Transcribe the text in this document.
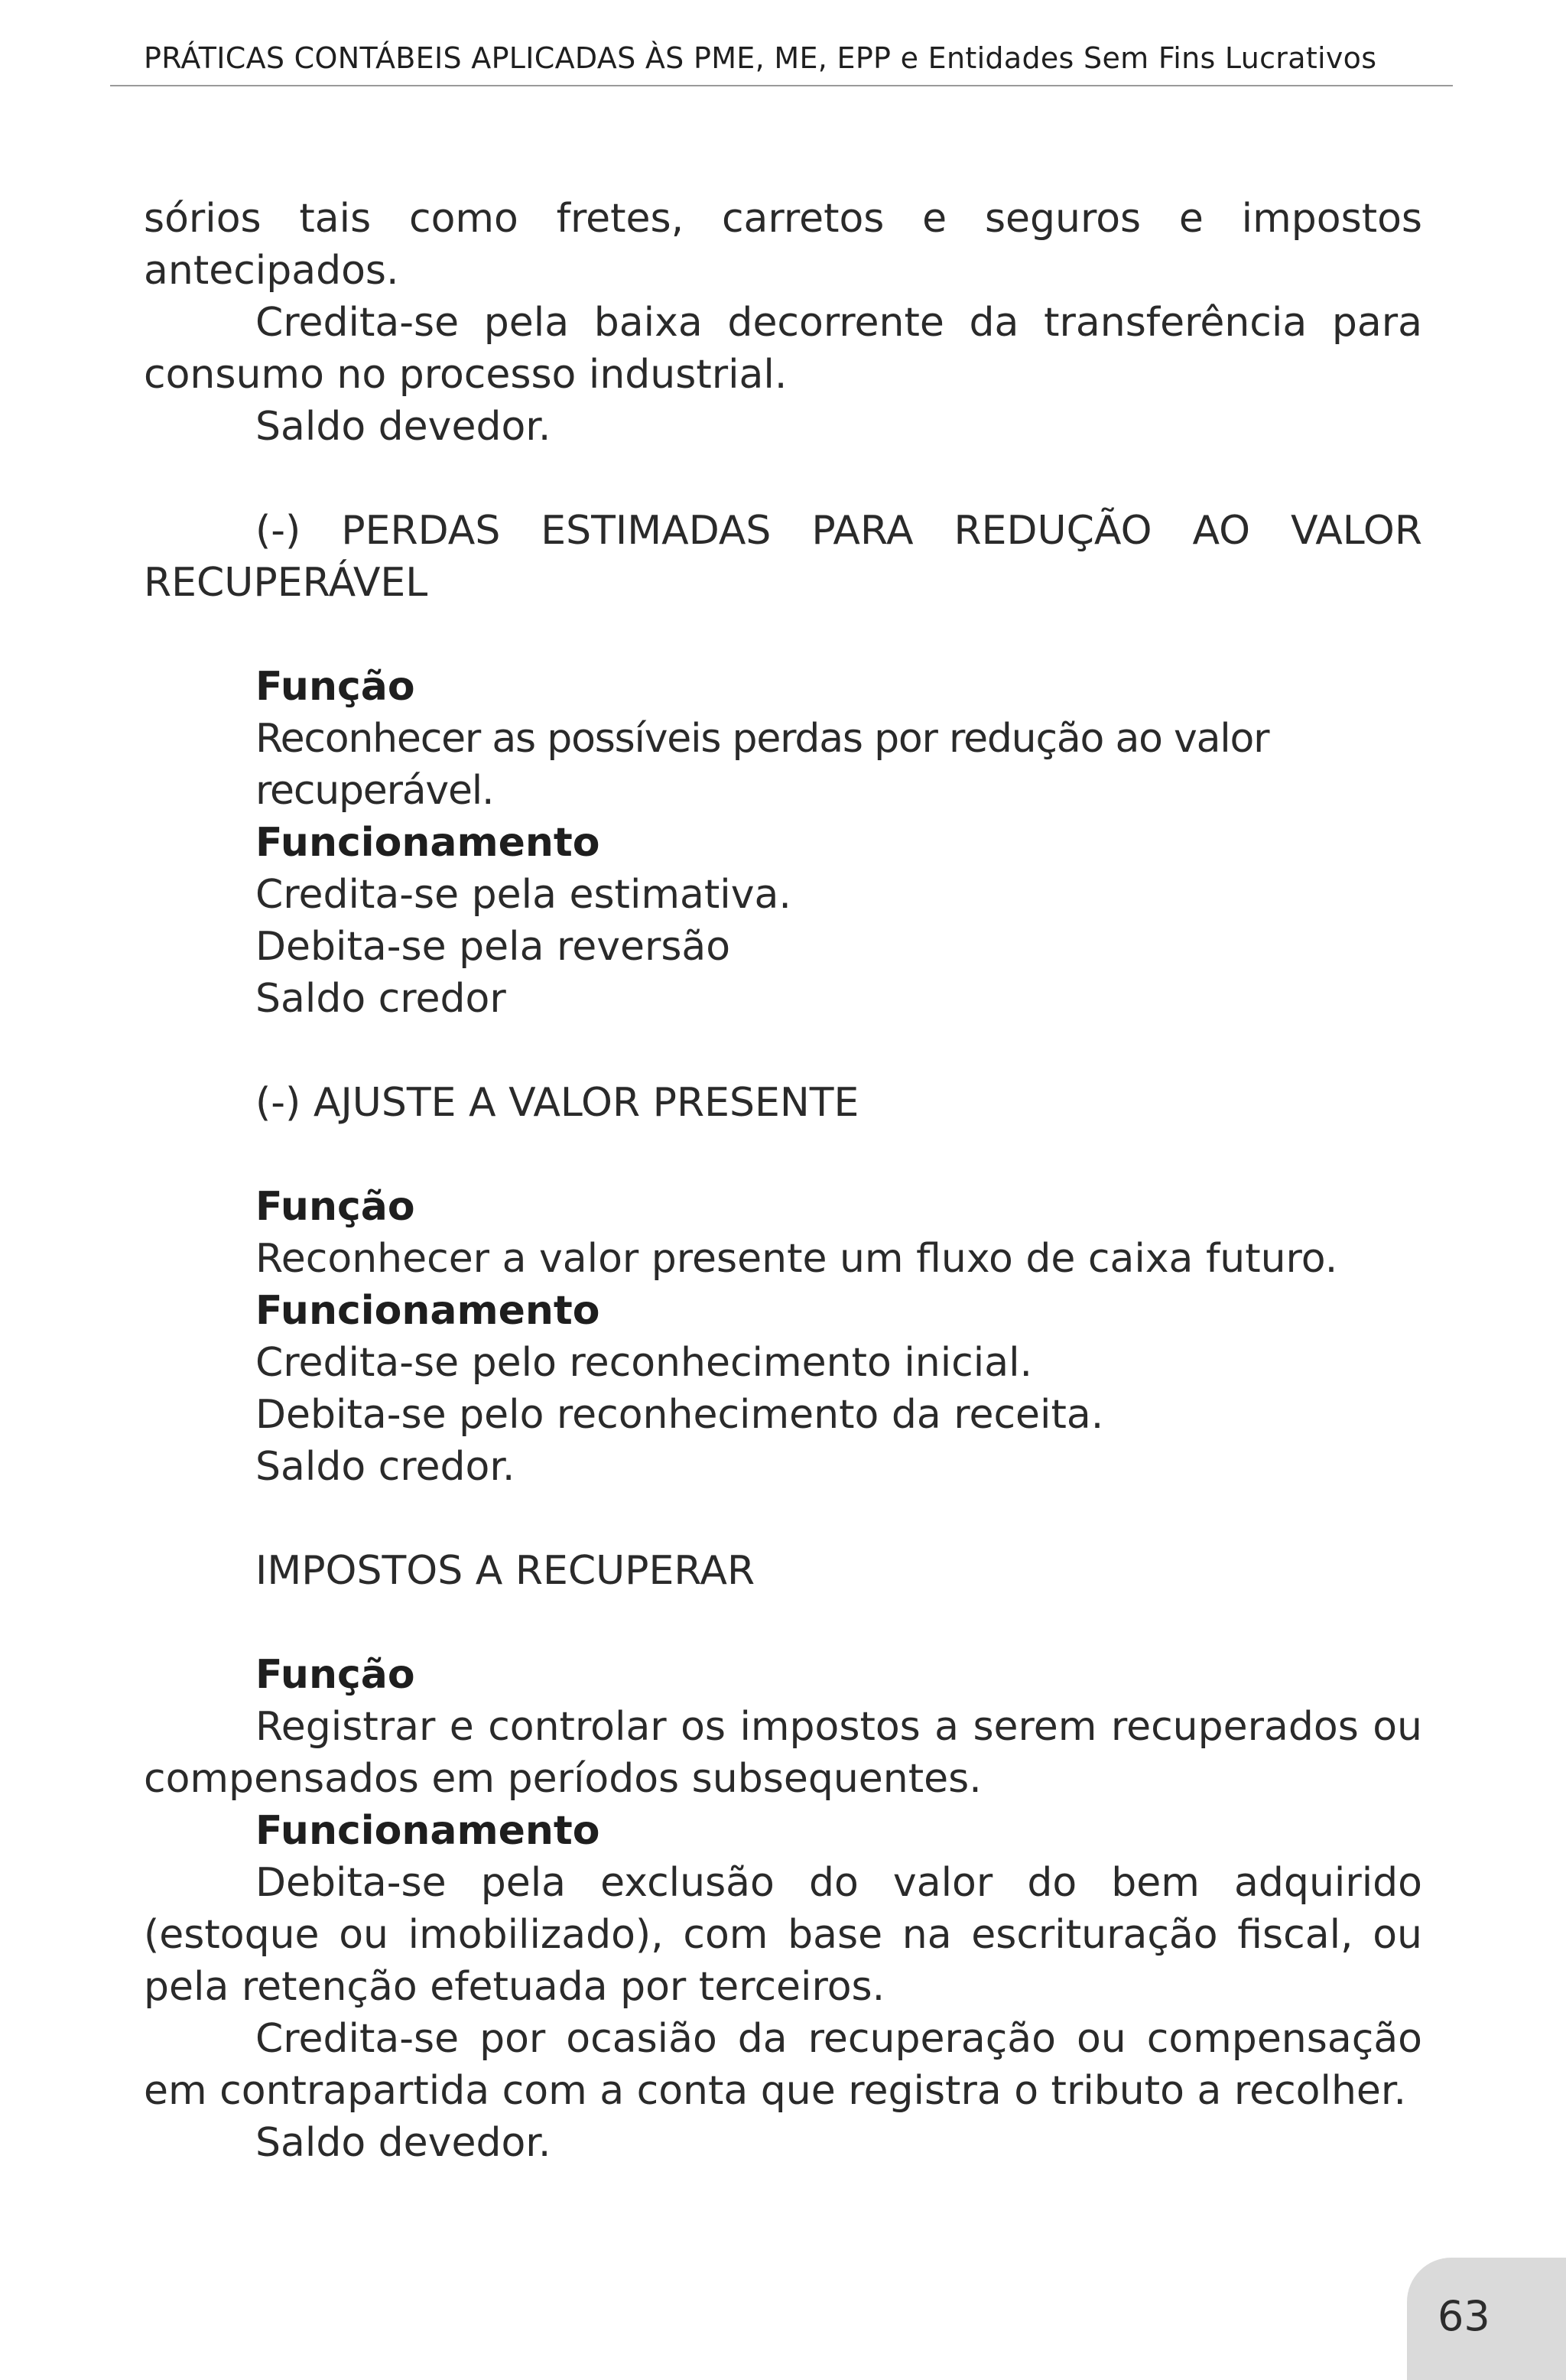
PRÁTICAS CONTÁBEIS APLICADAS ÀS PME, ME, EPP e Entidades Sem Fins Lucrativos

sórios tais como fretes, carretos e seguros e impostos antecipados.

Credita-se pela baixa decorrente da transferência para consumo no processo industrial.

Saldo devedor.

(-) PERDAS ESTIMADAS PARA REDUÇÃO AO VALOR RECUPERÁVEL

Função

Reconhecer as possíveis perdas por redução ao valor recuperável.

Funcionamento

Credita-se pela estimativa.

Debita-se pela reversão

Saldo credor

(-) AJUSTE A VALOR PRESENTE

Função

Reconhecer a valor presente um fluxo de caixa futuro.

Funcionamento

Credita-se pelo reconhecimento inicial.

Debita-se pelo reconhecimento da receita.

Saldo credor.

IMPOSTOS A RECUPERAR

Função

Registrar e controlar os impostos a serem recuperados ou compensados em períodos subsequentes.

Funcionamento

Debita-se pela exclusão do valor do bem adquirido (estoque ou imobilizado), com base na escrituração fiscal, ou pela retenção efetuada por terceiros.

Credita-se por ocasião da recuperação ou compensação em contrapartida com a conta que registra o tributo a recolher.

Saldo devedor.

63
